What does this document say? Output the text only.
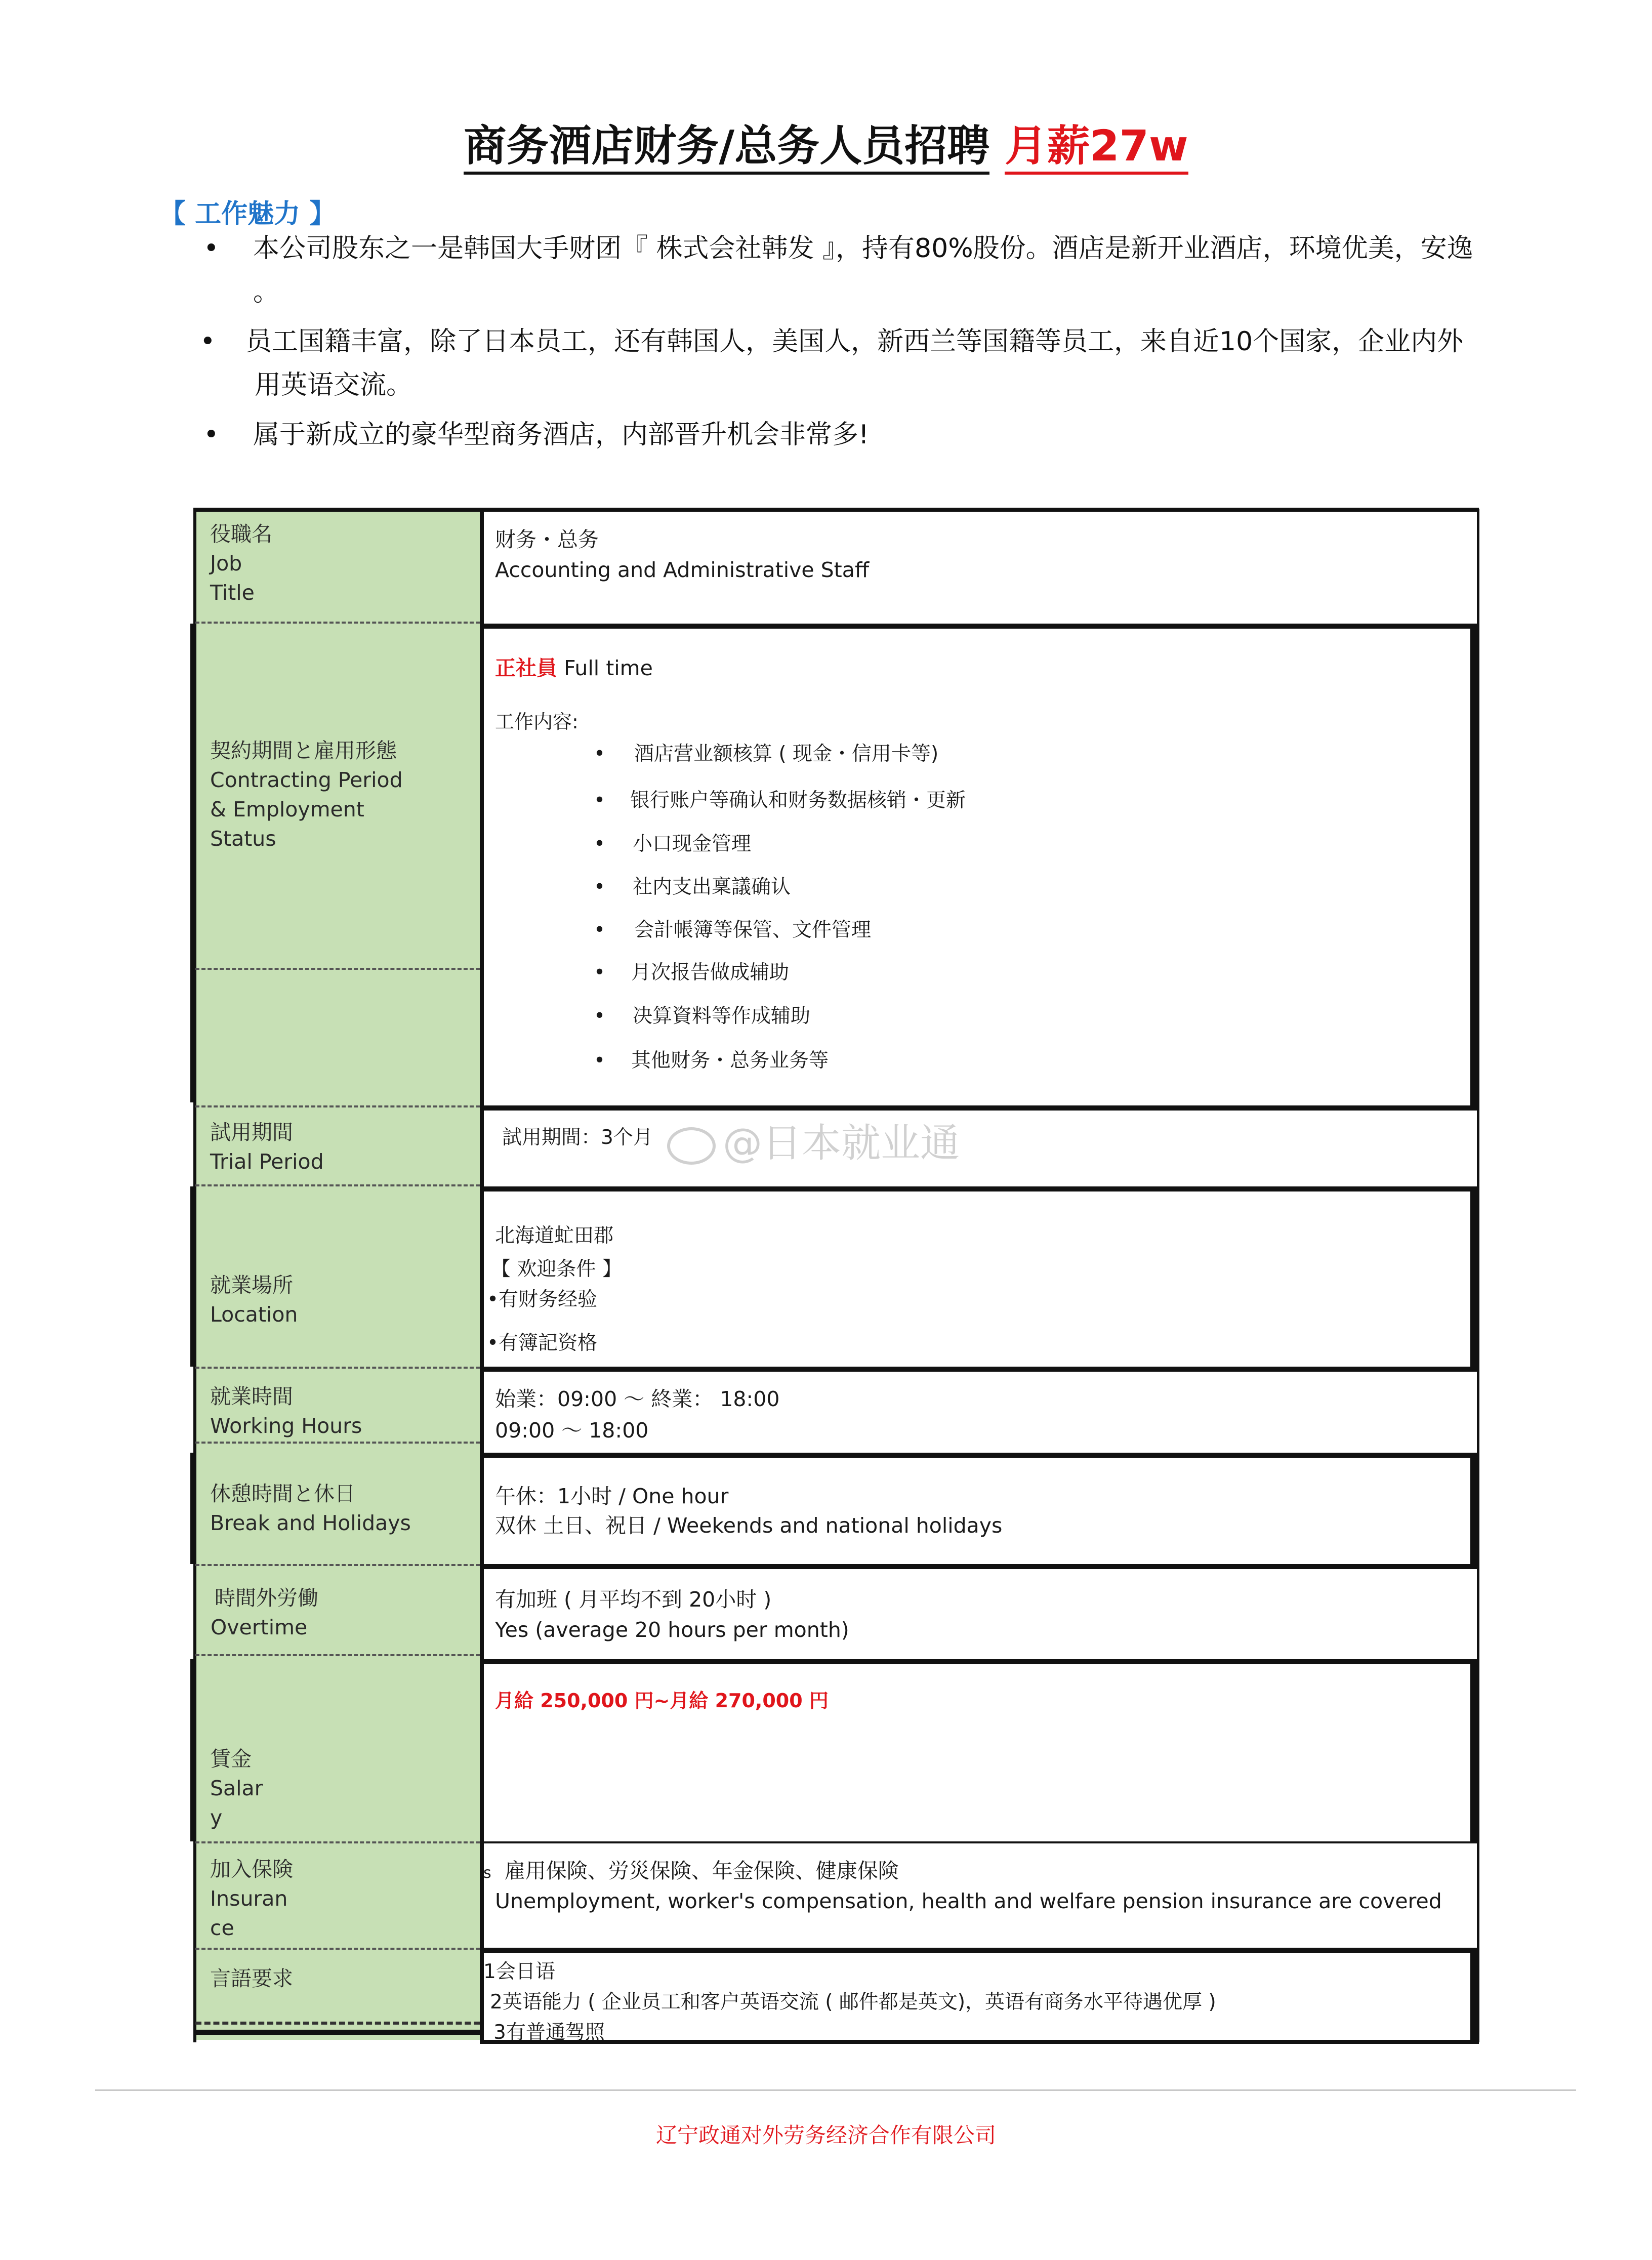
商务酒店财务/总务人员招聘 月薪27w
【 工作魅力 】
• 本公司股东之一是韩国大手财团『 株式会社韩发 』，持有80%股份。酒店是新开业酒店，环境优美，安逸
。
• 员工国籍丰富，除了日本员工，还有韩国人，美国人，新西兰等国籍等员工，来自近10个国家，企业内外
用英语交流。
• 属于新成立的豪华型商务酒店，内部晋升机会非常多!
役職名
Job
Title
财务・总务
Accounting and Administrative Staff
契約期間と雇用形態
Contracting Period
& Employment
Status
正社員 Full time
工作内容:
• 酒店营业额核算 ( 现金・信用卡等)
• 银行账户等确认和财务数据核销・更新
• 小口现金管理
• 社内支出稟議确认
• 会計帳簿等保管、文件管理
• 月次报告做成辅助
• 决算資料等作成辅助
• 其他财务・总务业务等
@日本就业通
試用期間
Trial Period
試用期間：3个月
就業場所
Location
北海道虻田郡
【 欢迎条件 】
•有财务经验
•有簿記资格
就業時間
Working Hours
始業：09:00 ～ 終業： 18:00
09:00 ～ 18:00
休憩時間と休日
Break and Holidays
午休：1小时 / One hour
双休 土日、祝日 / Weekends and national holidays
時間外労働
Overtime
有加班 ( 月平均不到 20小时 )
Yes (average 20 hours per month)
賃金
Salar
y
月給 250,000 円~月給 270,000 円
加入保険
Insuran
ce
s 雇用保険、労災保険、年金保険、健康保険
Unemployment, worker's compensation, health and welfare pension insurance are covered
言語要求	1会日语
2英语能力 ( 企业员工和客户英语交流 ( 邮件都是英文)，英语有商务水平待遇优厚 )
3有普通驾照
辽宁政通对外劳务经济合作有限公司
